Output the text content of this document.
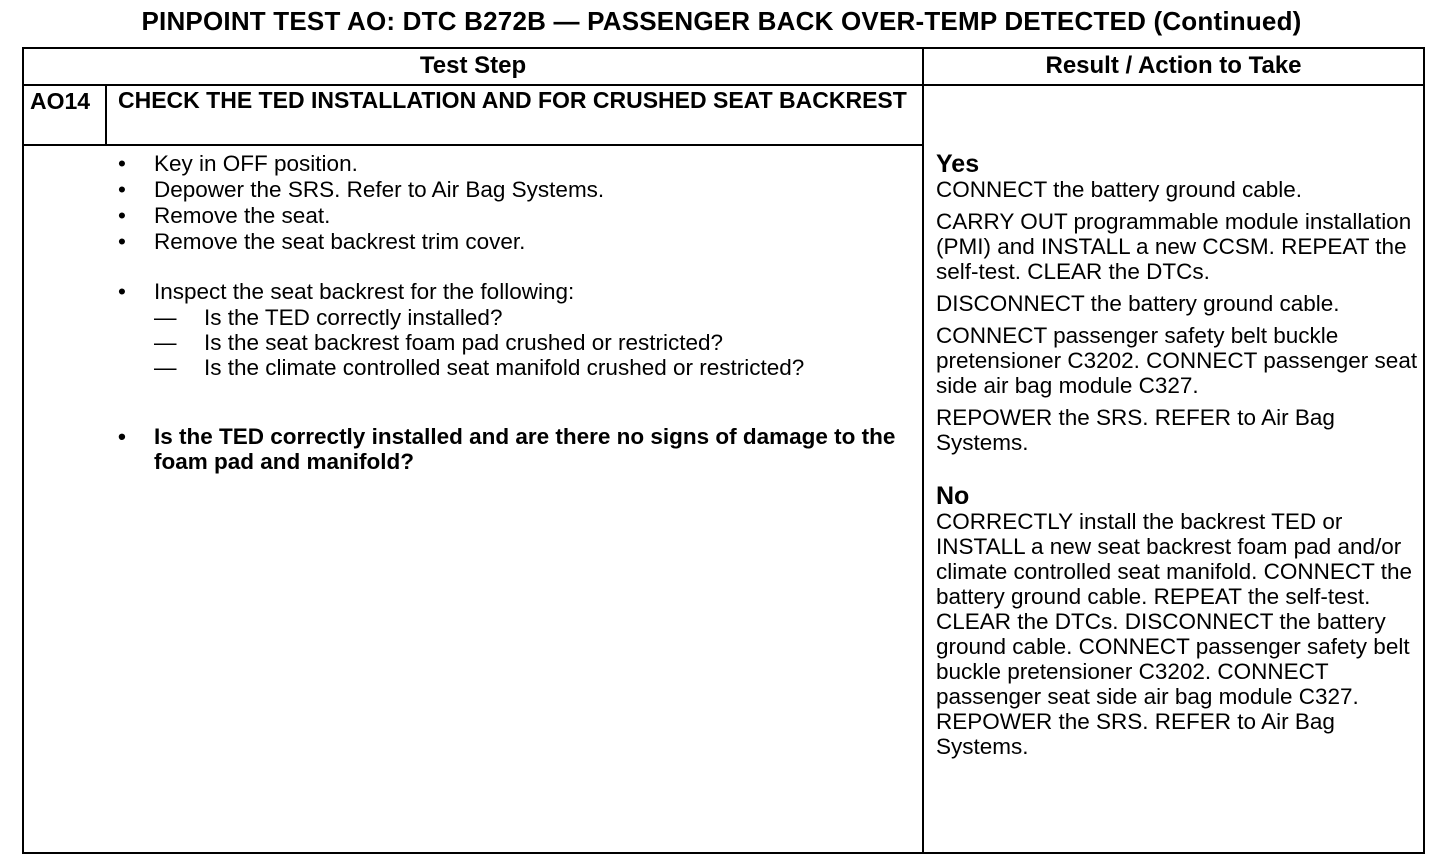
PINPOINT TEST AO: DTC B272B — PASSENGER BACK OVER-TEMP DETECTED (Continued)
Test Step	Result / Action to Take
AO14 CHECK THE TED INSTALLATION AND FOR CRUSHED SEAT BACKREST
• Key in OFF position.
• Depower the SRS. Refer to Air Bag Systems.
• Remove the seat.
• Remove the seat backrest trim cover.
• Inspect the seat backrest for the following:
— Is the TED correctly installed?
— Is the seat backrest foam pad crushed or restricted?
— Is the climate controlled seat manifold crushed or restricted?
• Is the TED correctly installed and are there no signs of damage to the foam pad and manifold?
Yes
CONNECT the battery ground cable.
CARRY OUT programmable module installation (PMI) and INSTALL a new CCSM. REPEAT the self-test. CLEAR the DTCs.
DISCONNECT the battery ground cable.
CONNECT passenger safety belt buckle pretensioner C3202. CONNECT passenger seat side air bag module C327.
REPOWER the SRS. REFER to Air Bag Systems.
No
CORRECTLY install the backrest TED or INSTALL a new seat backrest foam pad and/or climate controlled seat manifold. CONNECT the battery ground cable. REPEAT the self-test. CLEAR the DTCs. DISCONNECT the battery ground cable. CONNECT passenger safety belt buckle pretensioner C3202. CONNECT passenger seat side air bag module C327. REPOWER the SRS. REFER to Air Bag Systems.
